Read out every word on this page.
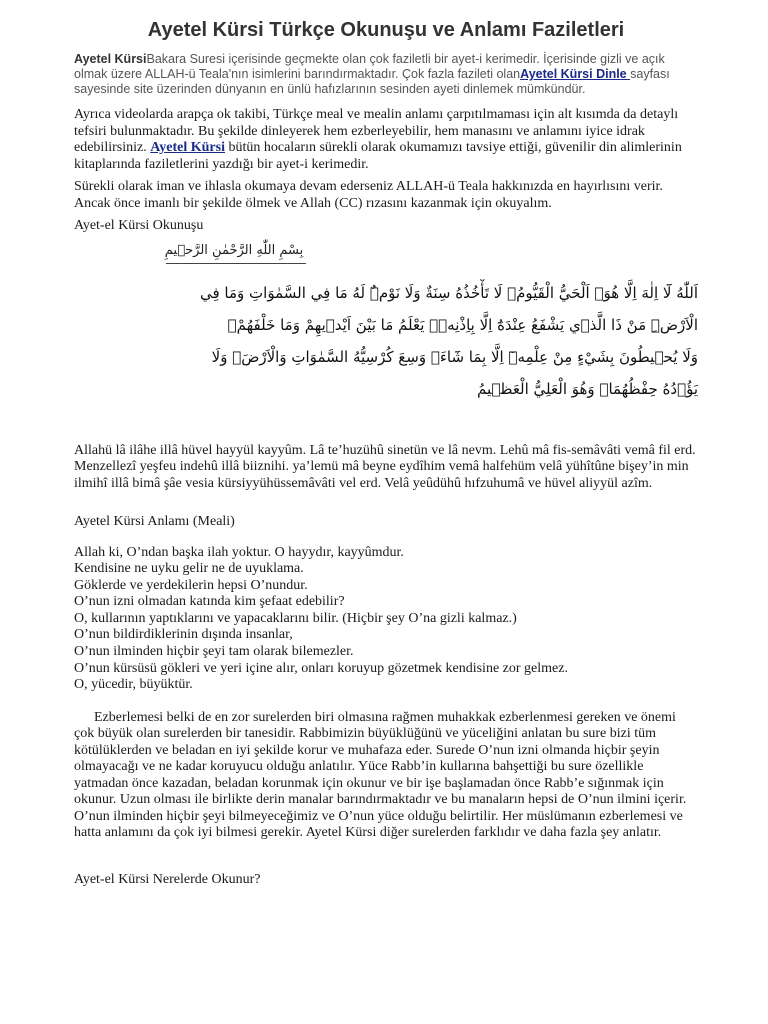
Ayetel Kürsi Türkçe Okunuşu ve Anlamı Faziletleri

Ayetel KürsiBakara Suresi içerisinde geçmekte olan çok faziletli bir ayet-i kerimedir. İçerisinde gizli ve açık olmak üzere ALLAH-ü Teala'nın isimlerini barındırmaktadır. Çok fazla fazileti olanAyetel Kürsi Dinle sayfası sayesinde site üzerinden dünyanın en ünlü hafızlarının sesinden ayeti dinlemek mümkündür.

Ayrıca videolarda arapça ok takibi, Türkçe meal ve mealin anlamı çarpıtılmaması için alt kısımda da detaylı tefsiri bulunmaktadır. Bu şekilde dinleyerek hem ezberleyebilir, hem manasını ve anlamını iyice idrak edebilirsiniz. Ayetel Kürsi bütün hocaların sürekli olarak okumamızı tavsiye ettiği, güvenilir din alimlerinin kitaplarında faziletlerini yazdığı bir ayet-i kerimedir.

Sürekli olarak iman ve ihlasla okumaya devam ederseniz ALLAH-ü Teala hakkınızda en hayırlısını verir. Ancak önce imanlı bir şekilde ölmek ve Allah (CC) rızasını kazanmak için okuyalım.

Ayet-el Kürsi Okunuşu

بِسْمِ اللّٰهِ الرَّحْمٰنِ الرَّح۪يمِ
اَللّٰهُ لَٓا اِلٰهَ اِلَّا هُوَۚ اَلْحَيُّ الْقَيُّومُۚ لَا تَأْخُذُهُ سِنَةٌ وَلَا نَوْمٌۜ لَهُ مَا فِي السَّمٰوَاتِ وَمَا فِي
الْاَرْضِۜ مَنْ ذَا الَّذ۪ي يَشْفَعُ عِنْدَهُٓ اِلَّا بِاِذْنِه۪ۜ يَعْلَمُ مَا بَيْنَ اَيْد۪يهِمْ وَمَا خَلْفَهُمْۚ
وَلَا يُح۪يطُونَ بِشَيْءٍ مِنْ عِلْمِه۪ٓ اِلَّا بِمَا شَٓاءَۚ وَسِعَ كُرْسِيُّهُ السَّمٰوَاتِ وَالْاَرْضَۚ وَلَا
يَؤُ۫دُهُ حِفْظُهُمَاۚ وَهُوَ الْعَلِيُّ الْعَظ۪يمُ

Allahü lâ ilâhe illâ hüvel hayyül kayyûm. Lâ te’huzühû sinetün ve lâ nevm. Lehû mâ fis-semâvâti vemâ fil erd. Menzellezî yeşfeu indehû illâ biiznihi. ya’lemü mâ beyne eydîhim vemâ halfehüm velâ yühîtûne bişey’in min ilmihî illâ bimâ şâe vesia kürsiyyühüssemâvâti vel erd. Velâ yeûdühû hıfzuhumâ ve hüvel aliyyül azîm.

Ayetel Kürsi Anlamı (Meali)

Allah ki, O’ndan başka ilah yoktur. O hayydır, kayyûmdur.
Kendisine ne uyku gelir ne de uyuklama.
Göklerde ve yerdekilerin hepsi O’nundur.
O’nun izni olmadan katında kim şefaat edebilir?
O, kullarının yaptıklarını ve yapacaklarını bilir. (Hiçbir şey O’na gizli kalmaz.)
O’nun bildirdiklerinin dışında insanlar,
O’nun ilminden hiçbir şeyi tam olarak bilemezler.
O’nun kürsüsü gökleri ve yeri içine alır, onları koruyup gözetmek kendisine zor gelmez.
O, yücedir, büyüktür.

Ezberlemesi belki de en zor surelerden biri olmasına rağmen muhakkak ezberlenmesi gereken ve önemi çok büyük olan surelerden bir tanesidir. Rabbimizin büyüklüğünü ve yüceliğini anlatan bu sure bizi tüm kötülüklerden ve beladan en iyi şekilde korur ve muhafaza eder. Surede O’nun izni olmanda hiçbir şeyin olmayacağı ve ne kadar koruyucu olduğu anlatılır. Yüce Rabb’in kullarına bahşettiği bu sure özellikle yatmadan önce kazadan, beladan korunmak için okunur ve bir işe başlamadan önce Rabb’e sığınmak için okunur. Uzun olması ile birlikte derin manalar barındırmaktadır ve bu manaların hepsi de O’nun ilmini içerir. O’nun ilminden hiçbir şeyi bilmeyeceğimiz ve O’nun yüce olduğu belirtilir. Her müslümanın ezberlemesi ve hatta anlamını da çok iyi bilmesi gerekir. Ayetel Kürsi diğer surelerden farklıdır ve daha fazla şey anlatır.

Ayet-el Kürsi Nerelerde Okunur?
